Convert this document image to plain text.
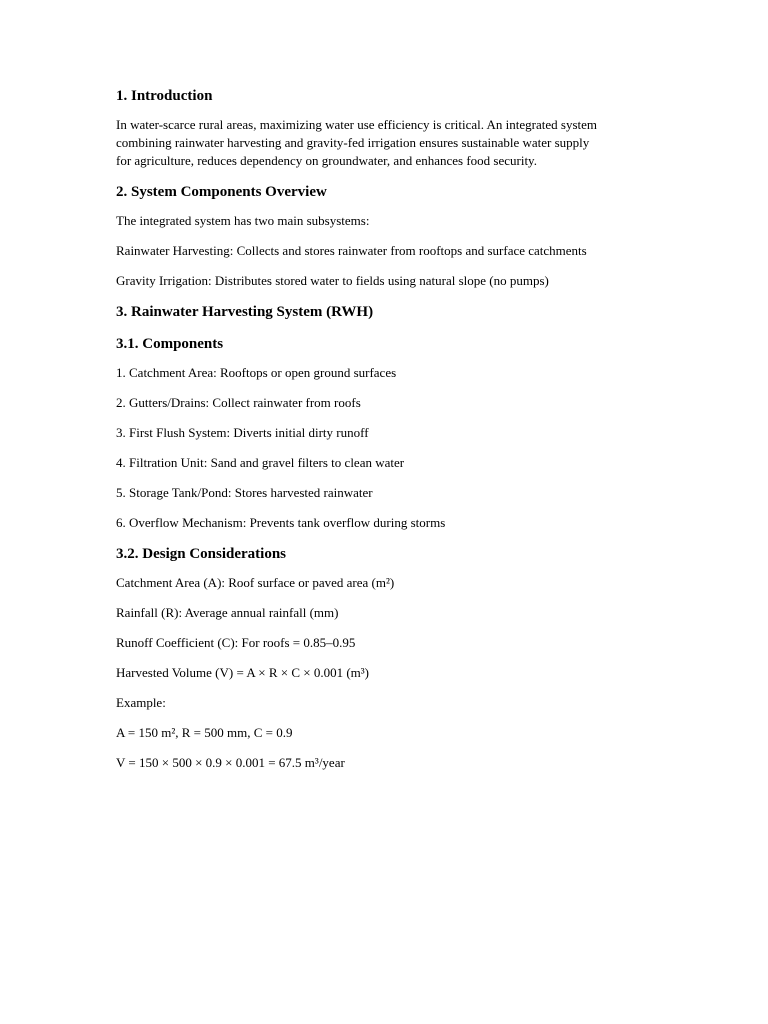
1. Introduction
In water-scarce rural areas, maximizing water use efficiency is critical. An integrated system
combining rainwater harvesting and gravity-fed irrigation ensures sustainable water supply
for agriculture, reduces dependency on groundwater, and enhances food security.
2. System Components Overview
The integrated system has two main subsystems:
Rainwater Harvesting: Collects and stores rainwater from rooftops and surface catchments
Gravity Irrigation: Distributes stored water to fields using natural slope (no pumps)
3. Rainwater Harvesting System (RWH)
3.1. Components
1. Catchment Area: Rooftops or open ground surfaces
2. Gutters/Drains: Collect rainwater from roofs
3. First Flush System: Diverts initial dirty runoff
4. Filtration Unit: Sand and gravel filters to clean water
5. Storage Tank/Pond: Stores harvested rainwater
6. Overflow Mechanism: Prevents tank overflow during storms
3.2. Design Considerations
Catchment Area (A): Roof surface or paved area (m²)
Rainfall (R): Average annual rainfall (mm)
Runoff Coefficient (C): For roofs = 0.85–0.95
Harvested Volume (V) = A × R × C × 0.001 (m³)
Example:
A = 150 m², R = 500 mm, C = 0.9
V = 150 × 500 × 0.9 × 0.001 = 67.5 m³/year
